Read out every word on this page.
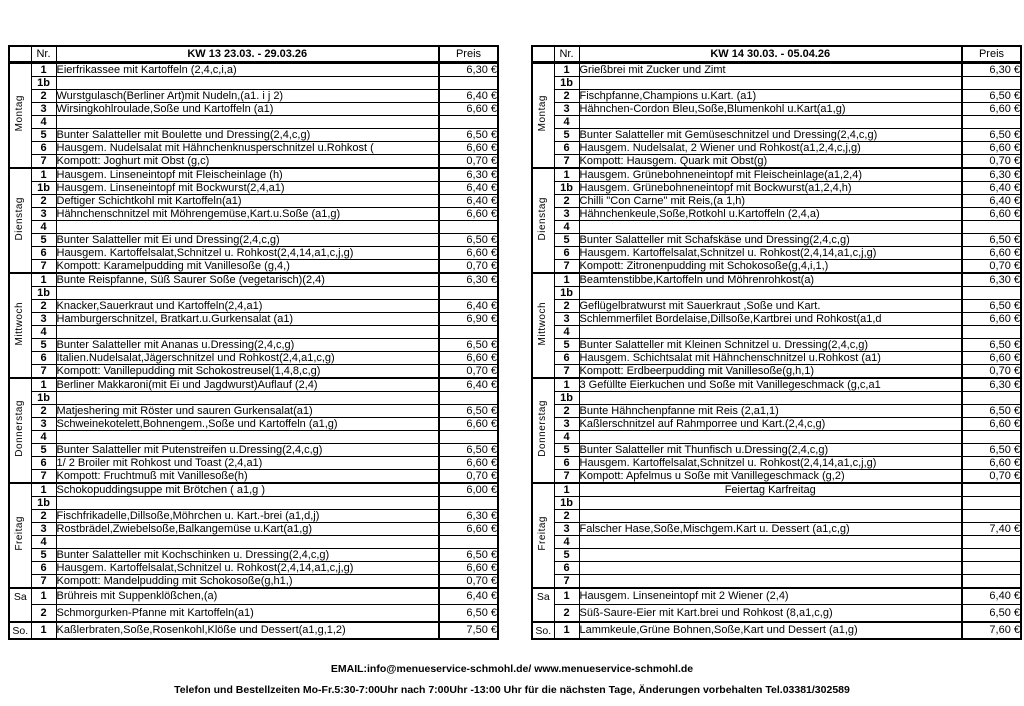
	Nr.	KW 13 23.03. - 29.03.26	Preis
Montag	1	Eierfrikassee mit Kartoffeln (2,4,c,i,a)	6,30 €
	1b		
	2	Wurstgulasch(Berliner Art)mit Nudeln,(a1. i j 2)	6,40 €
	3	Wirsingkohlroulade,Soße und Kartoffeln (a1)	6,60 €
	4		
	5	Bunter Salatteller mit Boulette und Dressing(2,4,c,g)	6,50 €
	6	Hausgem. Nudelsalat mit Hähnchenknusperschnitzel u.Rohkost (	6,60 €
	7	Kompott: Joghurt mit Obst (g,c)	0,70 €
Dienstag	1	Hausgem. Linseneintopf mit Fleischeinlage (h)	6,30 €
	1b	Hausgem. Linseneintopf mit Bockwurst(2,4,a1)	6,40 €
	2	Deftiger Schichtkohl mit Kartoffeln(a1)	6,40 €
	3	Hähnchenschnitzel mit Möhrengemüse,Kart.u.Soße (a1,g)	6,60 €
	4		
	5	Bunter Salatteller mit Ei und Dressing(2,4,c,g)	6,50 €
	6	Hausgem. Kartoffelsalat,Schnitzel u. Rohkost(2,4,14,a1,c,j,g)	6,60 €
	7	Kompott: Karamelpudding mit Vanillesoße (g,4,)	0,70 €
Mittwoch	1	Bunte Reispfanne, Süß Saurer Soße (vegetarisch)(2,4)	6,30 €
	1b		
	2	Knacker,Sauerkraut und Kartoffeln(2,4,a1)	6,40 €
	3	Hamburgerschnitzel, Bratkart.u.Gurkensalat (a1)	6,90 €
	4		
	5	Bunter Salatteller mit Ananas u.Dressing(2,4,c,g)	6,50 €
	6	Italien.Nudelsalat,Jägerschnitzel und Rohkost(2,4,a1,c,g)	6,60 €
	7	Kompott: Vanillepudding mit Schokostreusel(1,4,8,c,g)	0,70 €
Donnerstag	1	Berliner Makkaroni(mit Ei und Jagdwurst)Auflauf (2,4)	6,40 €
	1b		
	2	Matjeshering mit Röster und sauren Gurkensalat(a1)	6,50 €
	3	Schweinekotelett,Bohnengem.,Soße und Kartoffeln (a1,g)	6,60 €
	4		
	5	Bunter Salatteller mit Putenstreifen u.Dressing(2,4,c,g)	6,50 €
	6	1/ 2 Broiler mit Rohkost und Toast (2,4,a1)	6,60 €
	7	Kompott: Fruchtmuß mit Vanillesoße(h)	0,70 €
Freitag	1	Schokopuddingsuppe mit Brötchen ( a1,g )	6,00 €
	1b		
	2	Fischfrikadelle,Dillsoße,Möhrchen u. Kart.-brei (a1,d,j)	6,30 €
	3	Rostbrädel,Zwiebelsoße,Balkangemüse u.Kart(a1,g)	6,60 €
	4		
	5	Bunter Salatteller mit Kochschinken u. Dressing(2,4,c,g)	6,50 €
	6	Hausgem. Kartoffelsalat,Schnitzel u. Rohkost(2,4,14,a1,c,j,g)	6,60 €
	7	Kompott: Mandelpudding mit Schokosoße(g,h1,)	0,70 €
Sa	1	Brühreis mit Suppenklößchen,(a)	6,40 €
	2	Schmorgurken-Pfanne mit Kartoffeln(a1)	6,50 €
So.	1	Kaßlerbraten,Soße,Rosenkohl,Klöße und Dessert(a1,g,1,2)	7,50 €
	Nr.	KW 14 30.03. - 05.04.26	Preis
Montag	1	Grießbrei mit Zucker und Zimt	6,30 €
	1b		
	2	Fischpfanne,Champions u.Kart. (a1)	6,50 €
	3	Hähnchen-Cordon Bleu,Soße,Blumenkohl u.Kart(a1,g)	6,60 €
	4		
	5	Bunter Salatteller mit Gemüseschnitzel und Dressing(2,4,c,g)	6,50 €
	6	Hausgem. Nudelsalat, 2 Wiener und Rohkost(a1,2,4,c,j,g)	6,60 €
	7	Kompott: Hausgem. Quark mit Obst(g)	0,70 €
Dienstag	1	Hausgem. Grünebohneneintopf mit Fleischeinlage(a1,2,4)	6,30 €
	1b	Hausgem. Grünebohneneintopf mit Bockwurst(a1,2,4,h)	6,40 €
	2	Chilli "Con Carne" mit Reis,(a 1,h)	6,40 €
	3	Hähnchenkeule,Soße,Rotkohl u.Kartoffeln (2,4,a)	6,60 €
	4		
	5	Bunter Salatteller mit Schafskäse und Dressing(2,4,c,g)	6,50 €
	6	Hausgem. Kartoffelsalat,Schnitzel u. Rohkost(2,4,14,a1,c,j,g)	6,60 €
	7	Kompott: Zitronenpudding mit Schokosoße(g,4,i,1,)	0,70 €
Mittwoch	1	Beamtenstibbe,Kartoffeln und Möhrenrohkost(a)	6,30 €
	1b		
	2	Geflügelbratwurst mit Sauerkraut ,Soße und Kart.	6,50 €
	3	Schlemmerfilet Bordelaise,Dillsoße,Kartbrei und Rohkost(a1,d	6,60 €
	4		
	5	Bunter Salatteller mit Kleinen Schnitzel u. Dressing(2,4,c,g)	6,50 €
	6	Hausgem. Schichtsalat mit Hähnchenschnitzel u.Rohkost (a1)	6,60 €
	7	Kompott: Erdbeerpudding mit Vanillesoße(g,h,1)	0,70 €
Donnerstag	1	3 Gefüllte Eierkuchen und Soße mit Vanillegeschmack (g,c,a1	6,30 €
	1b		
	2	Bunte Hähnchenpfanne mit Reis (2,a1,1)	6,50 €
	3	Kaßlerschnitzel auf Rahmporree und Kart.(2,4,c,g)	6,60 €
	4		
	5	Bunter Salatteller mit Thunfisch u.Dressing(2,4,c,g)	6,50 €
	6	Hausgem. Kartoffelsalat,Schnitzel u. Rohkost(2,4,14,a1,c,j,g)	6,60 €
	7	Kompott: Apfelmus u Soße mit Vanillegeschmack (g,2)	0,70 €
Freitag	1	Feiertag Karfreitag	
	1b		
	2		
	3	Falscher Hase,Soße,Mischgem.Kart u. Dessert (a1,c,g)	7,40 €
	4		
	5		
	6		
	7		
Sa	1	Hausgem. Linseneintopf mit 2 Wiener (2,4)	6,40 €
	2	Süß-Saure-Eier mit Kart.brei und Rohkost (8,a1,c,g)	6,50 €
So.	1	Lammkeule,Grüne Bohnen,Soße,Kart und Dessert (a1,g)	7,60 €
EMAIL:info@menueservice-schmohl.de/ www.menueservice-schmohl.de
Telefon und Bestellzeiten Mo-Fr.5:30-7:00Uhr nach 7:00Uhr -13:00 Uhr für die nächsten Tage, Änderungen vorbehalten Tel.03381/302589
